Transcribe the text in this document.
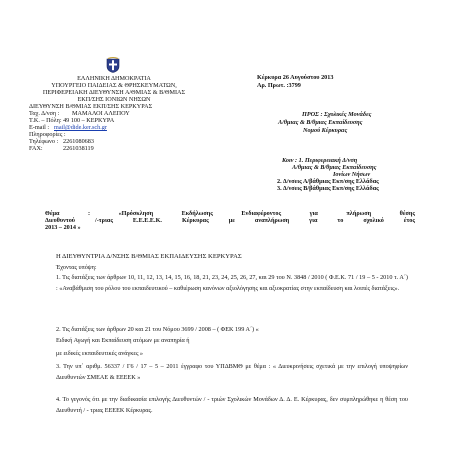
ΕΛΛΗΝΙΚΗ ΔΗΜΟΚΡΑΤΙΑ
ΥΠΟΥΡΓΕΙΟ ΠΑΙΔΕΙΑΣ & ΘΡΗΣΚΕΥΜΑΤΩΝ,
ΠΕΡΙΦΕΡΕΙΑΚΗ ΔΙΕΥΘΥΝΣΗ Α/ΘΜΙΑΣ & Β/ΘΜΙΑΣ
ΕΚΠ/ΣΗΣ ΙΟΝΙΩΝ ΝΗΣΩΝ
ΔΙΕΥΘΥΝΣΗ Β/ΘΜΙΑΣ ΕΚΠ/ΣΗΣ ΚΕΡΚΥΡΑΣ
Ταχ. Δ/νση : ΜΑΜΑΛΟΙ ΑΛΕΠΟΥ
Τ.Κ. – Πόλη: 49 100 – ΚΕΡΚΥΡΑ
E-mail : mail@dide.ker.sch.gr
Πληροφορίες :
Τηλέφωνο : 2261080683
FAX:	2261038119
Κέρκυρα 26 Αυγούστου 2013
Αρ. Πρωτ. :3799
ΠΡΟΣ : Σχολικές Μονάδες
Α/θμιας & Β/θμιας Εκπαίδευσης
Νομού Κέρκυρας
Κοιν : 1. Περιφερειακή Δ/νση
Α/θμιας & Β/θμιας Εκπαίδευσης
Ιονίων Νήσων
2. Δ/νσεις Α/βάθμιας Εκπ/σης Ελλάδας
3. Δ/νσεις Β/βάθμιας Εκπ/σης Ελλάδας
Θέμα : «Πρόσκληση Εκδήλωσης Ενδιαφέροντος για πλήρωση θέσης
Διευθυντού /-τριας Ε.Ε.Ε.Ε.Κ. Κέρκυρας με αναπλήρωση για το σχολικό έτος
2013 – 2014 »
Η ΔΙΕΥΘΥΝΤΡΙΑ Δ/ΝΣΗΣ Β/ΘΜΙΑΣ ΕΚΠΑΙΔΕΥΣΗΣ ΚΕΡΚΥΡΑΣ
Έχοντας υπόψη:
1. Τις διατάξεις των άρθρων 10, 11, 12, 13, 14, 15, 16, 18, 21, 23, 24, 25, 26, 27, και 29 του Ν. 3848 / 2010 ( Φ.Ε.Κ. 71 / 19 – 5 - 2010 τ. Α΄) : «Αναβάθμιση του ρόλου του εκπαιδευτικού – καθιέρωση κανόνων αξιολόγησης και αξιοκρατίας στην εκπαίδευση και λοιπές διατάξεις».
2. Τις διατάξεις των άρθρων 20 και 21 του Νόμου 3699 / 2008 – ( ΦΕΚ 199 Α΄) «
Ειδική Αγωγή και Εκπαίδευση ατόμων με αναπηρία ή
με ειδικές εκπαιδευτικές ανάγκες »
3. Την υπ΄ αριθμ. 56337 / Γ6 / 17 – 5 – 2011 έγγραφο του ΥΠΔΒΜΘ με θέμα : « Διευκρινήσεις σχετικά με την επιλογή υποψηφίων Διευθυντών ΣΜΕΑΕ & ΕΕΕΕΚ »
4. Το γεγονός ότι με την διαδικασία επιλογής Διευθυντών / - τριών Σχολικών Μονάδων Δ. Δ. Ε. Κέρκυρας, δεν συμπληρώθηκε η θέση του Διευθυντή / - τριας ΕΕΕΕΚ Κέρκυρας.
